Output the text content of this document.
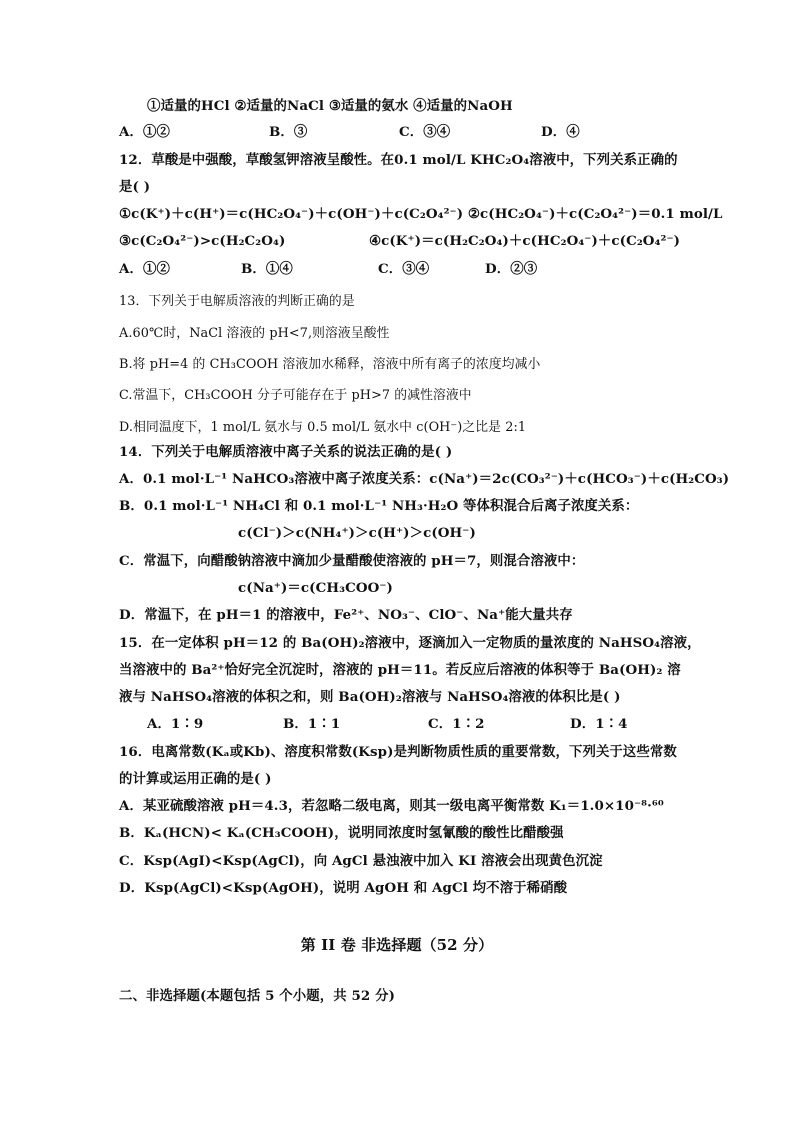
①适量的HCl ②适量的NaCl ③适量的氨水 ④适量的NaOH
A．①②	B．③	C．③④	D．④
12．草酸是中强酸，草酸氢钾溶液呈酸性。在0.1 mol/L KHC₂O₄溶液中，下列关系正确的
是( )
①c(K⁺)＋c(H⁺)＝c(HC₂O₄⁻)＋c(OH⁻)＋c(C₂O₄²⁻) ②c(HC₂O₄⁻)＋c(C₂O₄²⁻)＝0.1 mol/L
③c(C₂O₄²⁻)>c(H₂C₂O₄)	④c(K⁺)＝c(H₂C₂O₄)＋c(HC₂O₄⁻)＋c(C₂O₄²⁻)
A．①②	B．①④	C．③④	D．②③
13．下列关于电解质溶液的判断正确的是
A.60℃时，NaCl 溶液的 pH<7,则溶液呈酸性
B.将 pH=4 的 CH₃COOH 溶液加水稀释，溶液中所有离子的浓度均减小
C.常温下，CH₃COOH 分子可能存在于 pH>7 的减性溶液中
D.相同温度下，1 mol/L 氨水与 0.5 mol/L 氨水中 c(OH⁻)之比是 2:1
14．下列关于电解质溶液中离子关系的说法正确的是( )
A．0.1 mol·L⁻¹ NaHCO₃溶液中离子浓度关系：c(Na⁺)＝2c(CO₃²⁻)＋c(HCO₃⁻)＋c(H₂CO₃)
B．0.1 mol·L⁻¹ NH₄Cl 和 0.1 mol·L⁻¹ NH₃·H₂O 等体积混合后离子浓度关系：
c(Cl⁻)＞c(NH₄⁺)＞c(H⁺)＞c(OH⁻)
C．常温下，向醋酸钠溶液中滴加少量醋酸使溶液的 pH＝7，则混合溶液中：
c(Na⁺)＝c(CH₃COO⁻)
D．常温下，在 pH＝1 的溶液中，Fe²⁺、NO₃⁻、ClO⁻、Na⁺能大量共存
15．在一定体积 pH＝12 的 Ba(OH)₂溶液中，逐滴加入一定物质的量浓度的 NaHSO₄溶液，
当溶液中的 Ba²⁺恰好完全沉淀时，溶液的 pH＝11。若反应后溶液的体积等于 Ba(OH)₂ 溶
液与 NaHSO₄溶液的体积之和，则 Ba(OH)₂溶液与 NaHSO₄溶液的体积比是( )
A．1∶9	B．1∶1	C．1∶2	D．1∶4
16．电离常数(Kₐ或Kb)、溶度积常数(Ksp)是判断物质性质的重要常数，下列关于这些常数
的计算或运用正确的是( )
A．某亚硫酸溶液 pH＝4.3，若忽略二级电离，则其一级电离平衡常数 K₁＝1.0×10⁻⁸·⁶⁰
B．Kₐ(HCN)< Kₐ(CH₃COOH)，说明同浓度时氢氰酸的酸性比醋酸强
C．Ksp(AgI)<Ksp(AgCl)，向 AgCl 悬浊液中加入 KI 溶液会出现黄色沉淀
D．Ksp(AgCl)<Ksp(AgOH)，说明 AgOH 和 AgCl 均不溶于稀硝酸
第 II 卷 非选择题（52 分）
二、非选择题(本题包括 5 个小题，共 52 分)
